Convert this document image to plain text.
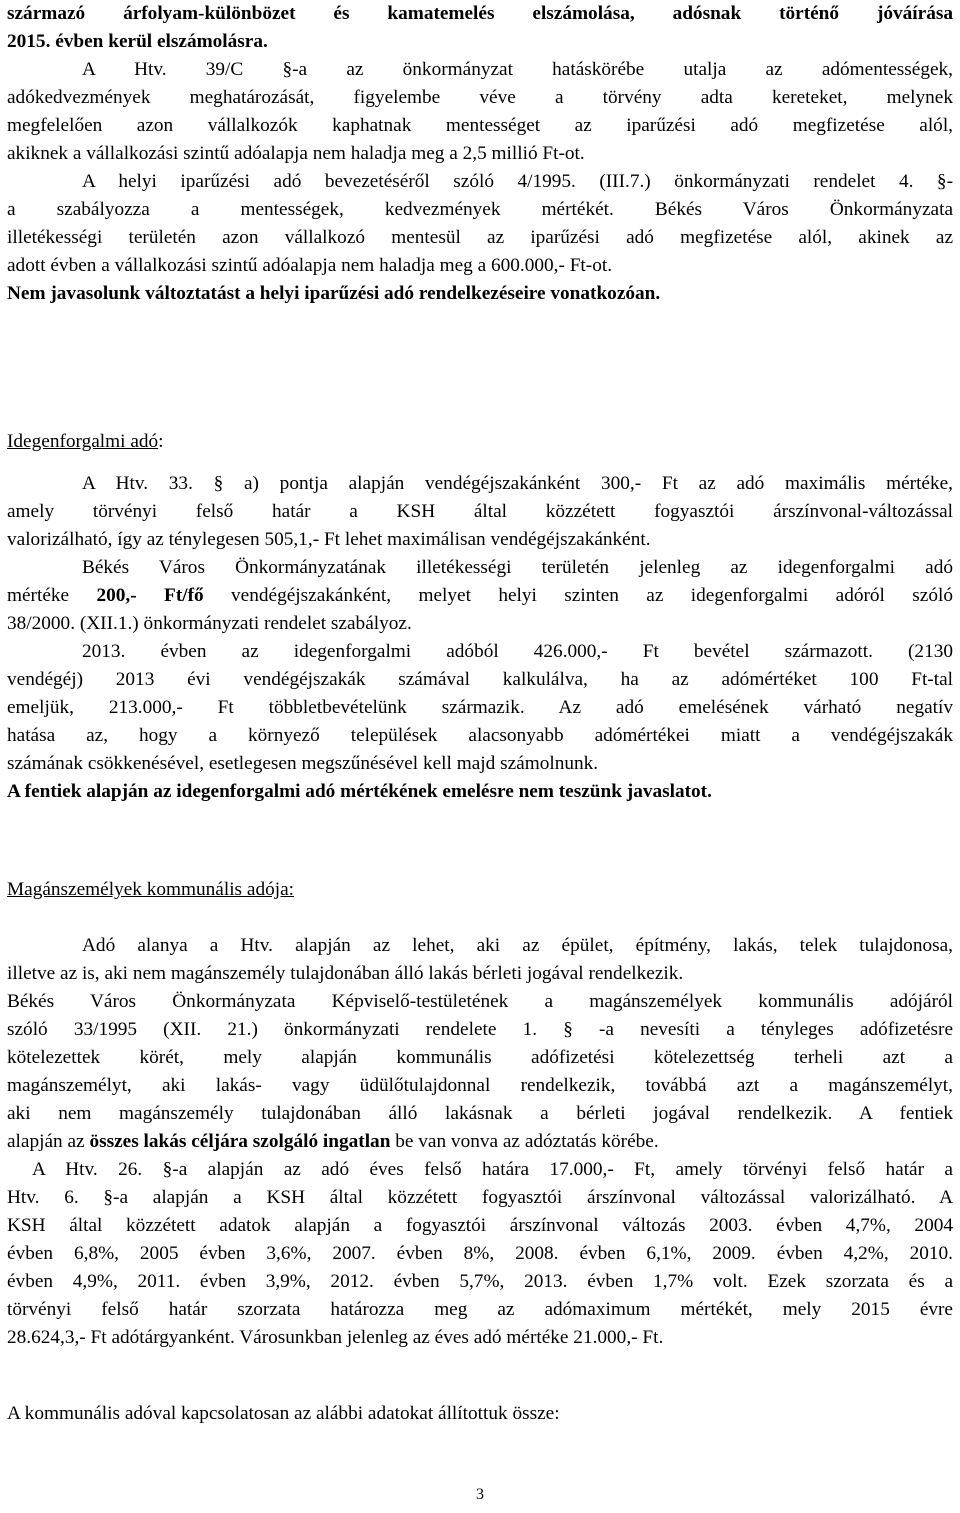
származó árfolyam-különbözet és kamatemelés elszámolása, adósnak történő jóváírása

2015. évben kerül elszámolásra.

A Htv. 39/C §-a az önkormányzat hatáskörébe utalja az adómentességek,

adókedvezmények meghatározását, figyelembe véve a törvény adta kereteket, melynek

megfelelően azon vállalkozók kaphatnak mentességet az iparűzési adó megfizetése alól,

akiknek a vállalkozási szintű adóalapja nem haladja meg a 2,5 millió Ft-ot.

A helyi iparűzési adó bevezetéséről szóló 4/1995. (III.7.) önkormányzati rendelet 4. §-

a szabályozza a mentességek, kedvezmények mértékét. Békés Város Önkormányzata

illetékességi területén azon vállalkozó mentesül az iparűzési adó megfizetése alól, akinek az

adott évben a vállalkozási szintű adóalapja nem haladja meg a 600.000,- Ft-ot.

Nem javasolunk változtatást a helyi iparűzési adó rendelkezéseire vonatkozóan.

Idegenforgalmi adó:

A Htv. 33. § a) pontja alapján vendégéjszakánként 300,- Ft az adó maximális mértéke,

amely törvényi felső határ a KSH által közzétett fogyasztói árszínvonal-változással

valorizálható, így az ténylegesen 505,1,- Ft lehet maximálisan vendégéjszakánként.

Békés Város Önkormányzatának illetékességi területén jelenleg az idegenforgalmi adó

mértéke 200,- Ft/fő vendégéjszakánként, melyet helyi szinten az idegenforgalmi adóról szóló

38/2000. (XII.1.) önkormányzati rendelet szabályoz.

2013. évben az idegenforgalmi adóból 426.000,- Ft bevétel származott. (2130

vendégéj) 2013 évi vendégéjszakák számával kalkulálva, ha az adómértéket 100 Ft-tal

emeljük, 213.000,- Ft többletbevételünk származik. Az adó emelésének várható negatív

hatása az, hogy a környező települések alacsonyabb adómértékei miatt a vendégéjszakák

számának csökkenésével, esetlegesen megszűnésével kell majd számolnunk.

A fentiek alapján az idegenforgalmi adó mértékének emelésre nem teszünk javaslatot.

Magánszemélyek kommunális adója:

Adó alanya a Htv. alapján az lehet, aki az épület, építmény, lakás, telek tulajdonosa,

illetve az is, aki nem magánszemély tulajdonában álló lakás bérleti jogával rendelkezik.

Békés Város Önkormányzata Képviselő-testületének a magánszemélyek kommunális adójáról

szóló 33/1995 (XII. 21.) önkormányzati rendelete 1. § -a nevesíti a tényleges adófizetésre

kötelezettek körét, mely alapján kommunális adófizetési kötelezettség terheli azt a

magánszemélyt, aki lakás- vagy üdülőtulajdonnal rendelkezik, továbbá azt a magánszemélyt,

aki nem magánszemély tulajdonában álló lakásnak a bérleti jogával rendelkezik. A fentiek

alapján az összes lakás céljára szolgáló ingatlan be van vonva az adóztatás körébe.

A Htv. 26. §-a alapján az adó éves felső határa 17.000,- Ft, amely törvényi felső határ a

Htv. 6. §-a alapján a KSH által közzétett fogyasztói árszínvonal változással valorizálható. A

KSH által közzétett adatok alapján a fogyasztói árszínvonal változás 2003. évben 4,7%, 2004

évben 6,8%, 2005 évben 3,6%, 2007. évben 8%, 2008. évben 6,1%, 2009. évben 4,2%, 2010.

évben 4,9%, 2011. évben 3,9%, 2012. évben 5,7%, 2013. évben 1,7% volt. Ezek szorzata és a

törvényi felső határ szorzata határozza meg az adómaximum mértékét, mely 2015 évre

28.624,3,- Ft adótárgyanként. Városunkban jelenleg az éves adó mértéke 21.000,- Ft.

A kommunális adóval kapcsolatosan az alábbi adatokat állítottuk össze:

3
